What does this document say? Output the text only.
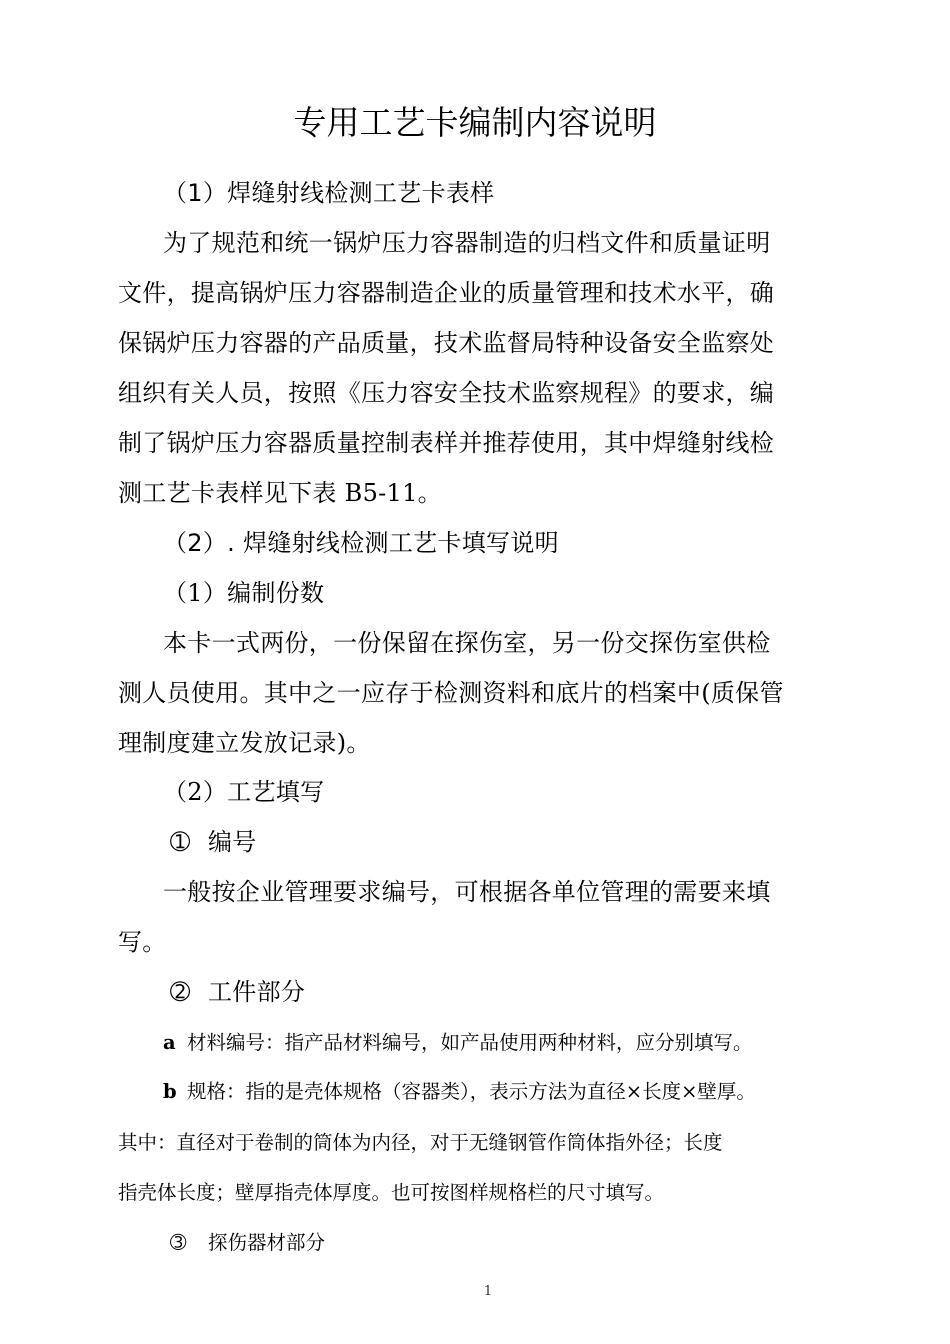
专用工艺卡编制内容说明
（1）焊缝射线检测工艺卡表样
为了规范和统一锅炉压力容器制造的归档文件和质量证明
文件，提高锅炉压力容器制造企业的质量管理和技术水平，确
保锅炉压力容器的产品质量，技术监督局特种设备安全监察处
组织有关人员，按照《压力容安全技术监察规程》的要求，编
制了锅炉压力容器质量控制表样并推荐使用，其中焊缝射线检
测工艺卡表样见下表 B5-11。
（2）. 焊缝射线检测工艺卡填写说明
（1）编制份数
本卡一式两份，一份保留在探伤室，另一份交探伤室供检
测人员使用。其中之一应存于检测资料和底片的档案中(质保管
理制度建立发放记录)。
（2）工艺填写
➀ 编号
一般按企业管理要求编号，可根据各单位管理的需要来填
写。
➁ 工件部分
a 材料编号：指产品材料编号，如产品使用两种材料，应分别填写。
b 规格：指的是壳体规格（容器类），表示方法为直径×长度×壁厚。
其中：直径对于卷制的筒体为内径，对于无缝钢管作筒体指外径；长度
指壳体长度；壁厚指壳体厚度。也可按图样规格栏的尺寸填写。
➂ 探伤器材部分
1
